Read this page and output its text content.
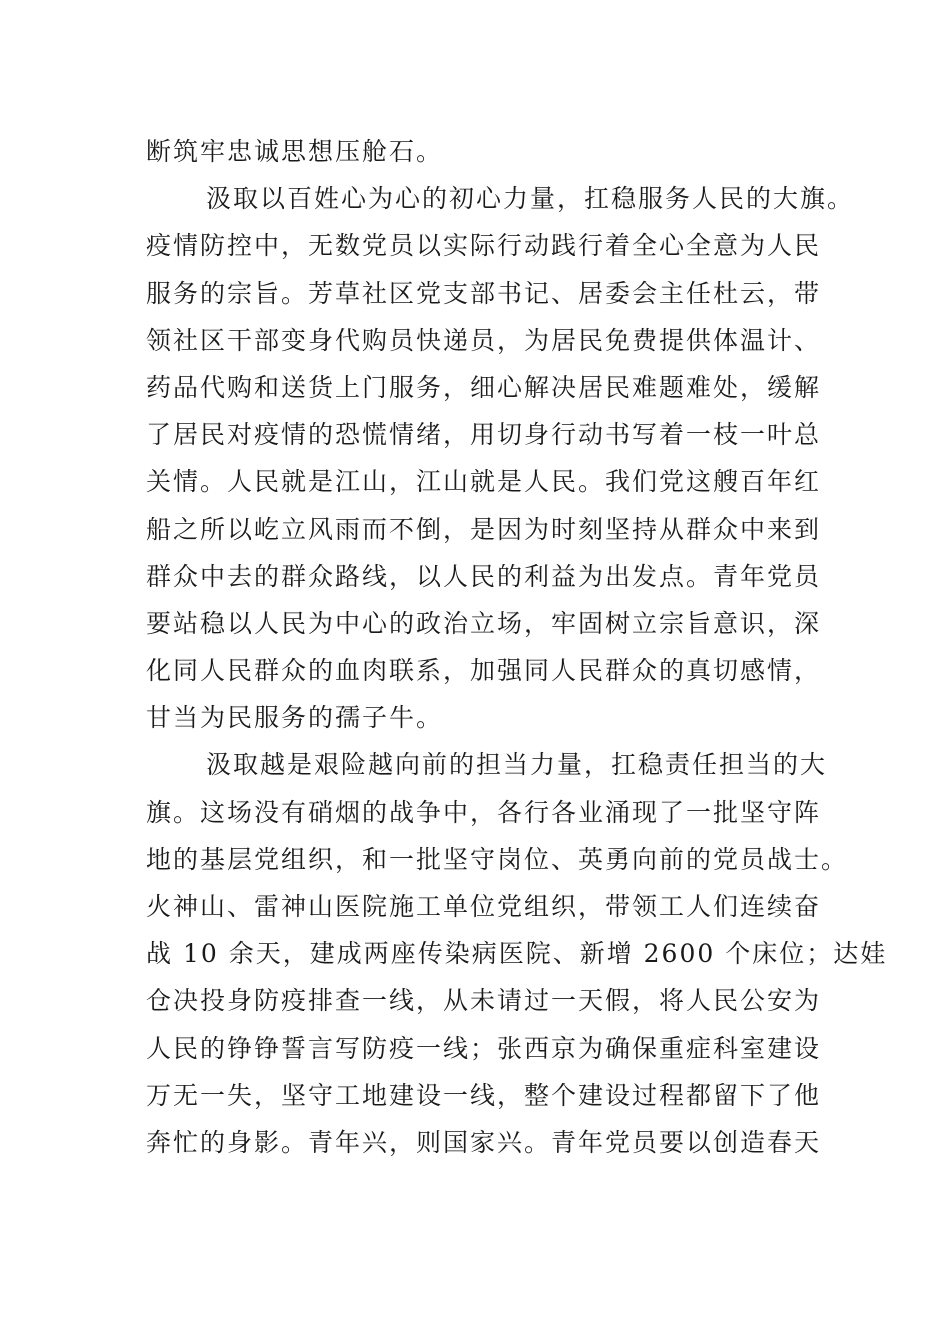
断筑牢忠诚思想压舱石。
汲取以百姓心为心的初心力量，扛稳服务人民的大旗。
疫情防控中，无数党员以实际行动践行着全心全意为人民
服务的宗旨。芳草社区党支部书记、居委会主任杜云，带
领社区干部变身代购员快递员，为居民免费提供体温计、
药品代购和送货上门服务，细心解决居民难题难处，缓解
了居民对疫情的恐慌情绪，用切身行动书写着一枝一叶总
关情。人民就是江山，江山就是人民。我们党这艘百年红
船之所以屹立风雨而不倒，是因为时刻坚持从群众中来到
群众中去的群众路线，以人民的利益为出发点。青年党员
要站稳以人民为中心的政治立场，牢固树立宗旨意识，深
化同人民群众的血肉联系，加强同人民群众的真切感情，
甘当为民服务的孺子牛。
汲取越是艰险越向前的担当力量，扛稳责任担当的大
旗。这场没有硝烟的战争中，各行各业涌现了一批坚守阵
地的基层党组织，和一批坚守岗位、英勇向前的党员战士。
火神山、雷神山医院施工单位党组织，带领工人们连续奋
战 10 余天，建成两座传染病医院、新增 2600 个床位；达娃
仓决投身防疫排查一线，从未请过一天假，将人民公安为
人民的铮铮誓言写防疫一线；张西京为确保重症科室建设
万无一失，坚守工地建设一线，整个建设过程都留下了他
奔忙的身影。青年兴，则国家兴。青年党员要以创造春天
